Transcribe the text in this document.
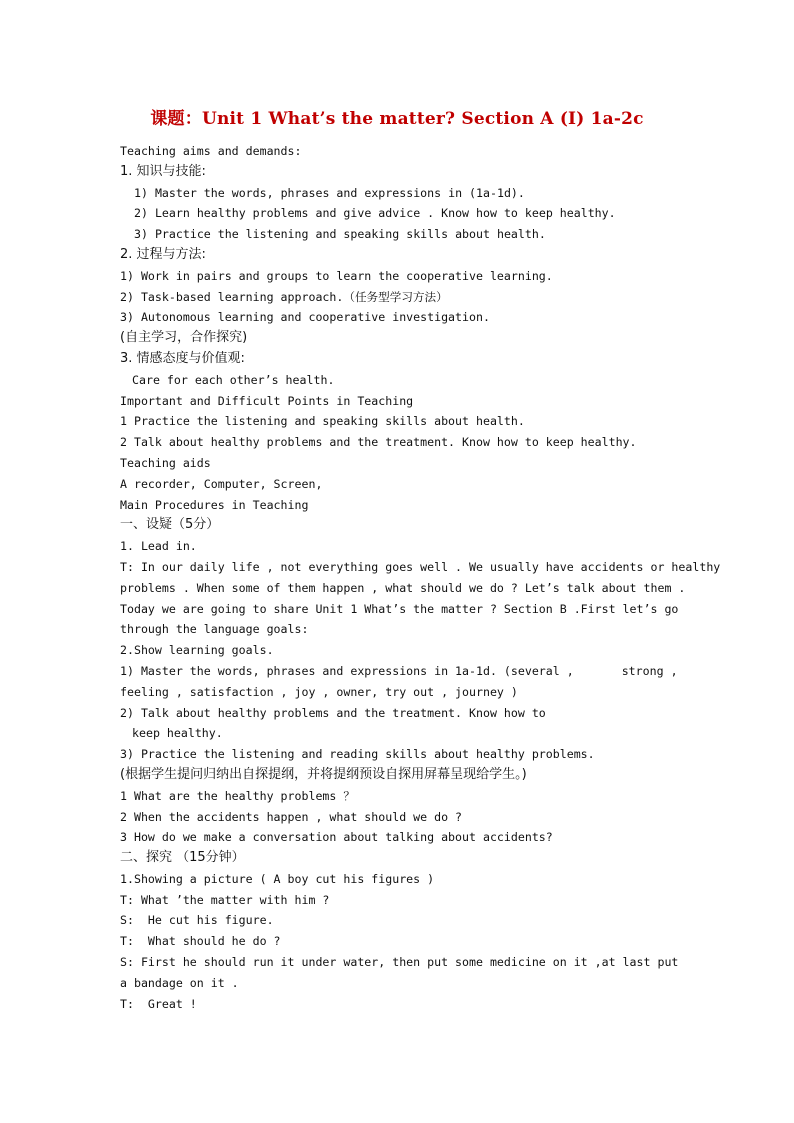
课题：Unit 1 What’s the matter? Section A (Ⅰ) 1a-2c
Teaching aims and demands:
1. 知识与技能:
1) Master the words, phrases and expressions in (1a-1d).
2) Learn healthy problems and give advice . Know how to keep healthy.
3) Practice the listening and speaking skills about health.
2. 过程与方法:
1) Work in pairs and groups to learn the cooperative learning.
2) Task-based learning approach.（任务型学习方法）
3) Autonomous learning and cooperative investigation.
(自主学习，合作探究)
3. 情感态度与价值观:
Care for each other’s health.
Important and Difficult Points in Teaching
1 Practice the listening and speaking skills about health.
2 Talk about healthy problems and the treatment. Know how to keep healthy.
Teaching aids
A recorder, Computer, Screen,
Main Procedures in Teaching
一、设疑（5分）
1. Lead in.
T: In our daily life , not everything goes well . We usually have accidents or healthy
problems . When some of them happen , what should we do ? Let’s talk about them .
Today we are going to share Unit 1 What’s the matter ? Section B .First let’s go
through the language goals:
2.Show learning goals.
1) Master the words, phrases and expressions in 1a-1d. (several ,	strong ,
feeling , satisfaction , joy , owner, try out , journey )
2) Talk about healthy problems and the treatment. Know how to
keep healthy.
3) Practice the listening and reading skills about healthy problems.
(根据学生提问归纳出自探提纲，并将提纲预设自探用屏幕呈现给学生。)
1 What are the healthy problems ？
2 When the accidents happen , what should we do ?
3 How do we make a conversation about talking about accidents?
二、探究 （15分钟）
1.Showing a picture ( A boy cut his figures )
T: What ’the matter with him ?
S:  He cut his figure.
T:  What should he do ?
S: First he should run it under water, then put some medicine on it ,at last put
a bandage on it .
T:  Great !
